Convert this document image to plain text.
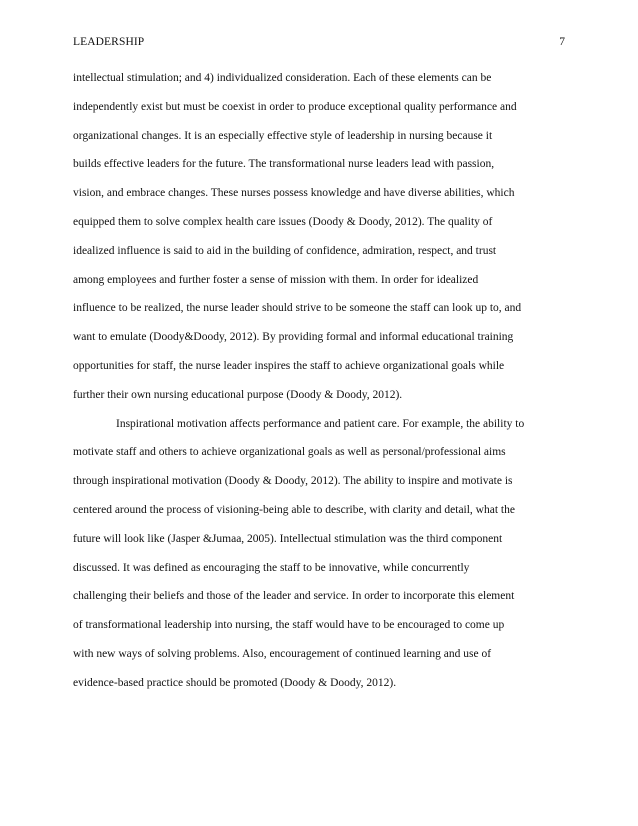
LEADERSHIP	7
intellectual stimulation; and 4) individualized consideration. Each of these elements can be
independently exist but must be coexist in order to produce exceptional quality performance and
organizational changes. It is an especially effective style of leadership in nursing because it
builds effective leaders for the future. The transformational nurse leaders lead with passion,
vision, and embrace changes. These nurses possess knowledge and have diverse abilities, which
equipped them to solve complex health care issues (Doody & Doody, 2012). The quality of
idealized influence is said to aid in the building of confidence, admiration, respect, and trust
among employees and further foster a sense of mission with them. In order for idealized
influence to be realized, the nurse leader should strive to be someone the staff can look up to, and
want to emulate (Doody&Doody, 2012). By providing formal and informal educational training
opportunities for staff, the nurse leader inspires the staff to achieve organizational goals while
further their own nursing educational purpose (Doody & Doody, 2012).
Inspirational motivation affects performance and patient care. For example, the ability to
motivate staff and others to achieve organizational goals as well as personal/professional aims
through inspirational motivation (Doody & Doody, 2012). The ability to inspire and motivate is
centered around the process of visioning-being able to describe, with clarity and detail, what the
future will look like (Jasper &Jumaa, 2005). Intellectual stimulation was the third component
discussed. It was defined as encouraging the staff to be innovative, while concurrently
challenging their beliefs and those of the leader and service. In order to incorporate this element
of transformational leadership into nursing, the staff would have to be encouraged to come up
with new ways of solving problems. Also, encouragement of continued learning and use of
evidence-based practice should be promoted (Doody & Doody, 2012).
